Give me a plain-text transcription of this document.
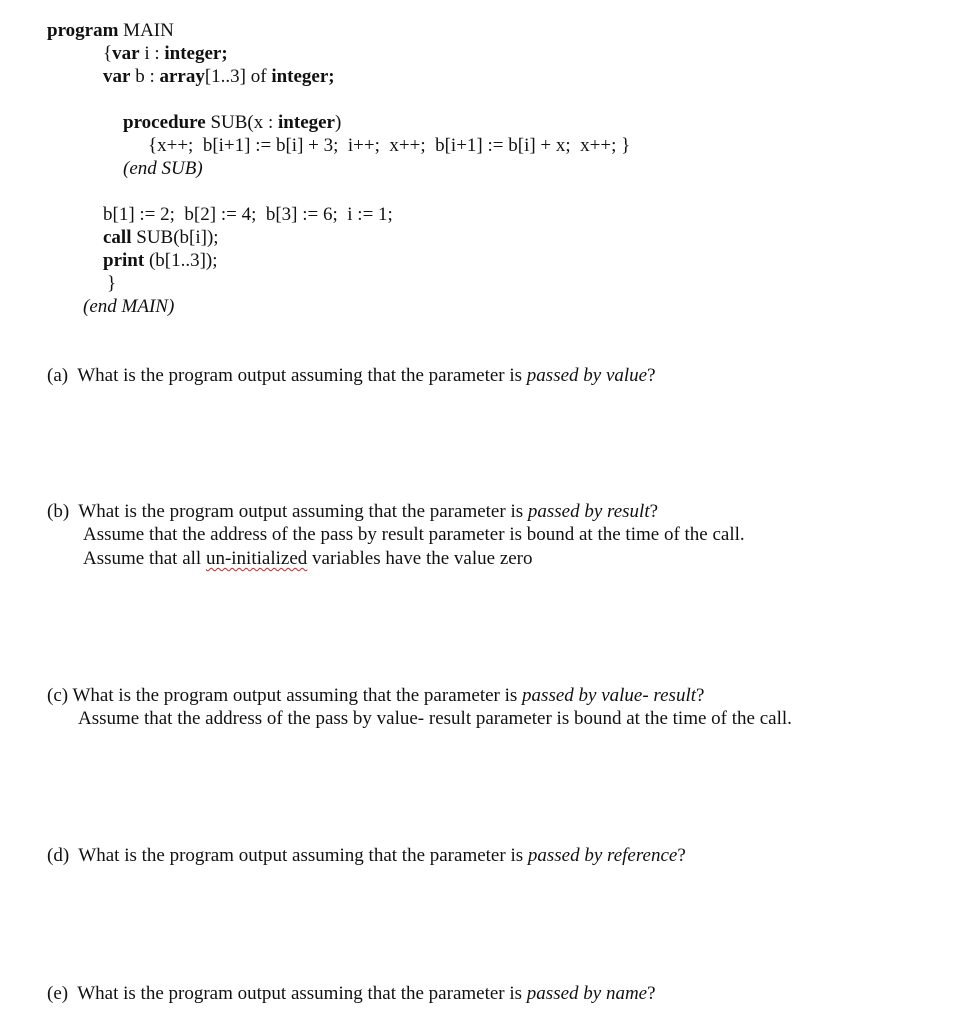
program MAIN
{var i : integer;
var b : array[1..3] of integer;
procedure SUB(x : integer)
{x++;  b[i+1] := b[i] + 3;  i++;  x++;  b[i+1] := b[i] + x;  x++; }
(end SUB)
b[1] := 2;  b[2] := 4;  b[3] := 6;  i := 1;
call SUB(b[i]);
print (b[1..3]);
}
(end MAIN)
(a)  What is the program output assuming that the parameter is passed by value?
(b)  What is the program output assuming that the parameter is passed by result?
Assume that the address of the pass by result parameter is bound at the time of the call.
Assume that all un-initialized variables have the value zero
(c) What is the program output assuming that the parameter is passed by value- result?
Assume that the address of the pass by value- result parameter is bound at the time of the call.
(d)  What is the program output assuming that the parameter is passed by reference?
(e)  What is the program output assuming that the parameter is passed by name?
